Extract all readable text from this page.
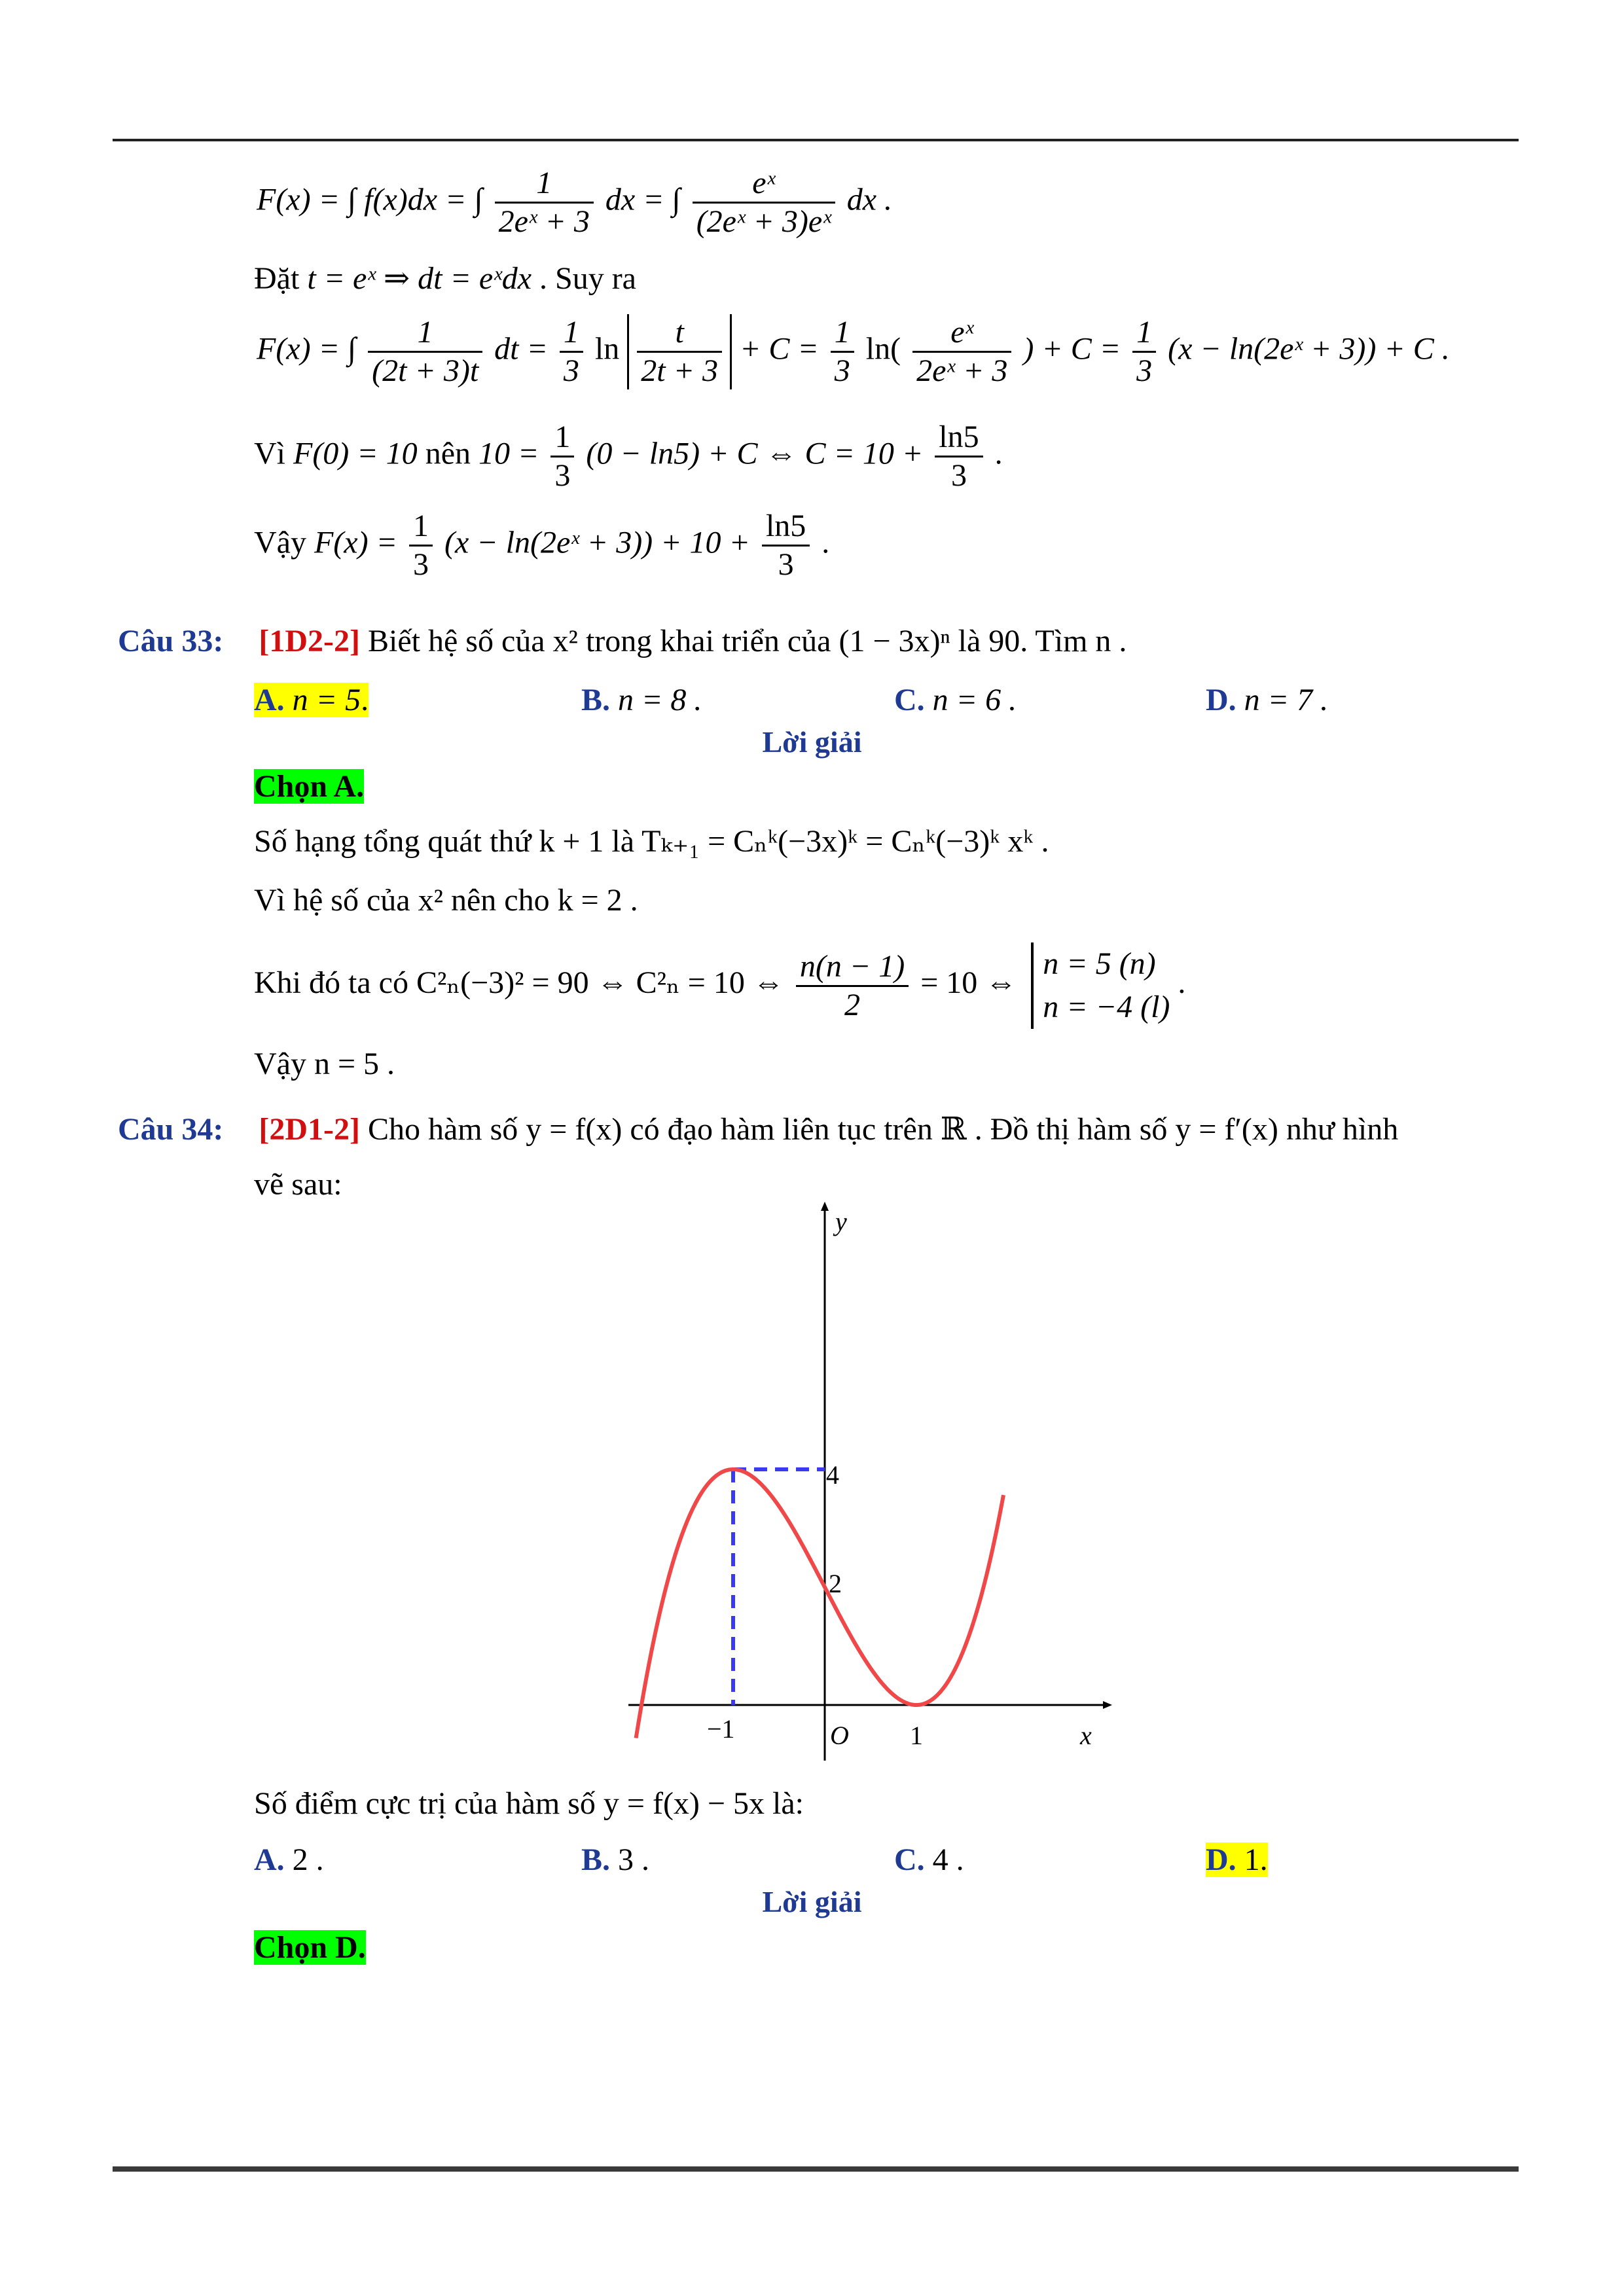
F(x) = ∫ f(x)dx = ∫ $\frac{1}{\text{2eˣ + 3}}$ dx = ∫ $\frac{\text{eˣ}}{\text{(2eˣ + 3)eˣ}}$ dx .
Đặt t = eˣ ⇒ dt = eˣdx . Suy ra
F(x) = ∫ $\frac{1}{(2t + 3)t}$ dt = $\frac{1}{3}$ $\ln \frac{t}{2t + 3} + C = \frac{1}{3} \ln( \frac{\text{eˣ}}{\text{2eˣ + 3}}$ ) + $C = \frac{1}{3} (x$ − ln(2eˣ + 3)) + C .
Vì F(0) = 10 nên $10 = \frac{1}{3} (0 - \ln 5) + C$ ⇔ $C = 10 + \frac{\ln 5}{3}$ .
Vậy $F(x) = \frac{1}{3} (x$ − ln(2eˣ + $3)) + 10 + \frac{\ln 5}{3}$ .
Câu 33: [1D2-2] Biết hệ số của x² trong khai triển của (1 − 3x)ⁿ là 90. Tìm n .
A. n = 5.	B. n = 8 .	C. n = 6 .	D. n = 7 .
Lời giải
Chọn A.
Số hạng tổng quát thứ k + 1 là Tₖ₊₁ = Cₙᵏ(−3x)ᵏ = Cₙᵏ(−3)ᵏ xᵏ .
Vì hệ số của x² nên cho k = 2 .
Khi đó ta có C²ₙ(−3)² = 90 ⇔ C²ₙ = 10 ⇔ $\frac{n(n - 1)}{2} = 10$ ⇔
n = 5 (n)
n = −4 (l)
.
Vậy n = 5 .
Câu 34: [2D1-2] Cho hàm số y = f(x) có đạo hàm liên tục trên ℝ . Đồ thị hàm số y = f′(x) như hình
vẽ sau:
y
x
O
4
2
−1	1
Số điểm cực trị của hàm số y = f(x) − 5x là:
A. 2 .	B. 3 .	C. 4 .	D. 1.
Lời giải
Chọn D.
